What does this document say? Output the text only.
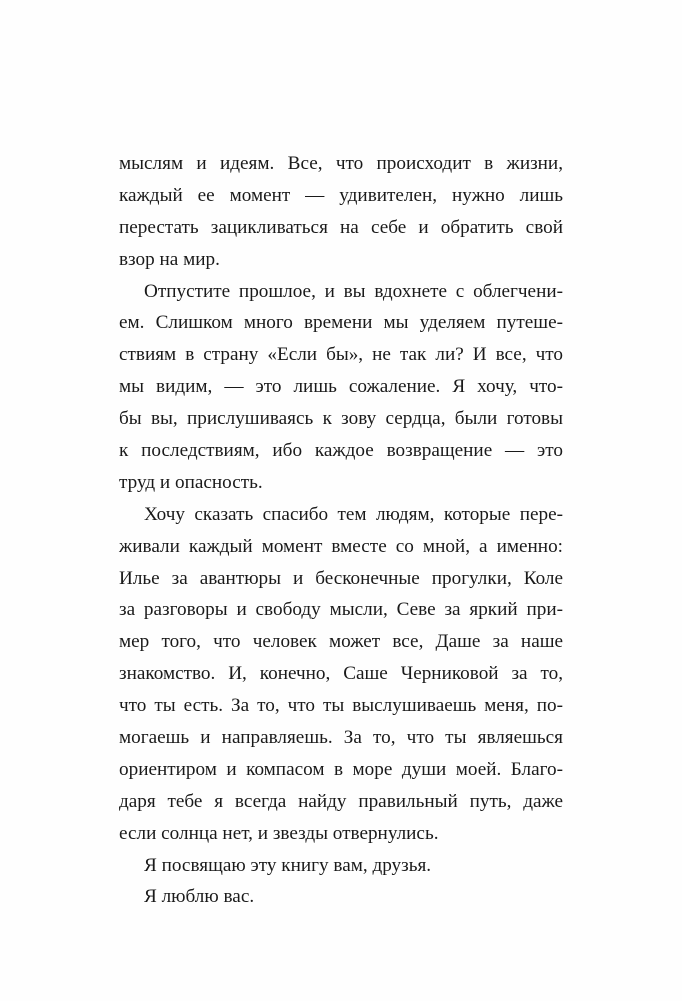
мыслям и идеям. Все, что происходит в жизни,
каждый ее момент — удивителен, нужно лишь
перестать зацикливаться на себе и обратить свой
взор на мир.
Отпустите прошлое, и вы вдохнете с облегчени-
ем. Слишком много времени мы уделяем путеше-
ствиям в страну «Если бы», не так ли? И все, что
мы видим, — это лишь сожаление. Я хочу, что-
бы вы, прислушиваясь к зову сердца, были готовы
к последствиям, ибо каждое возвращение — это
труд и опасность.
Хочу сказать спасибо тем людям, которые пере-
живали каждый момент вместе со мной, а именно:
Илье за авантюры и бесконечные прогулки, Коле
за разговоры и свободу мысли, Севе за яркий при-
мер того, что человек может все, Даше за наше
знакомство. И, конечно, Саше Черниковой за то,
что ты есть. За то, что ты выслушиваешь меня, по-
могаешь и направляешь. За то, что ты являешься
ориентиром и компасом в море души моей. Благо-
даря тебе я всегда найду правильный путь, даже
если солнца нет, и звезды отвернулись.
Я посвящаю эту книгу вам, друзья.
Я люблю вас.
